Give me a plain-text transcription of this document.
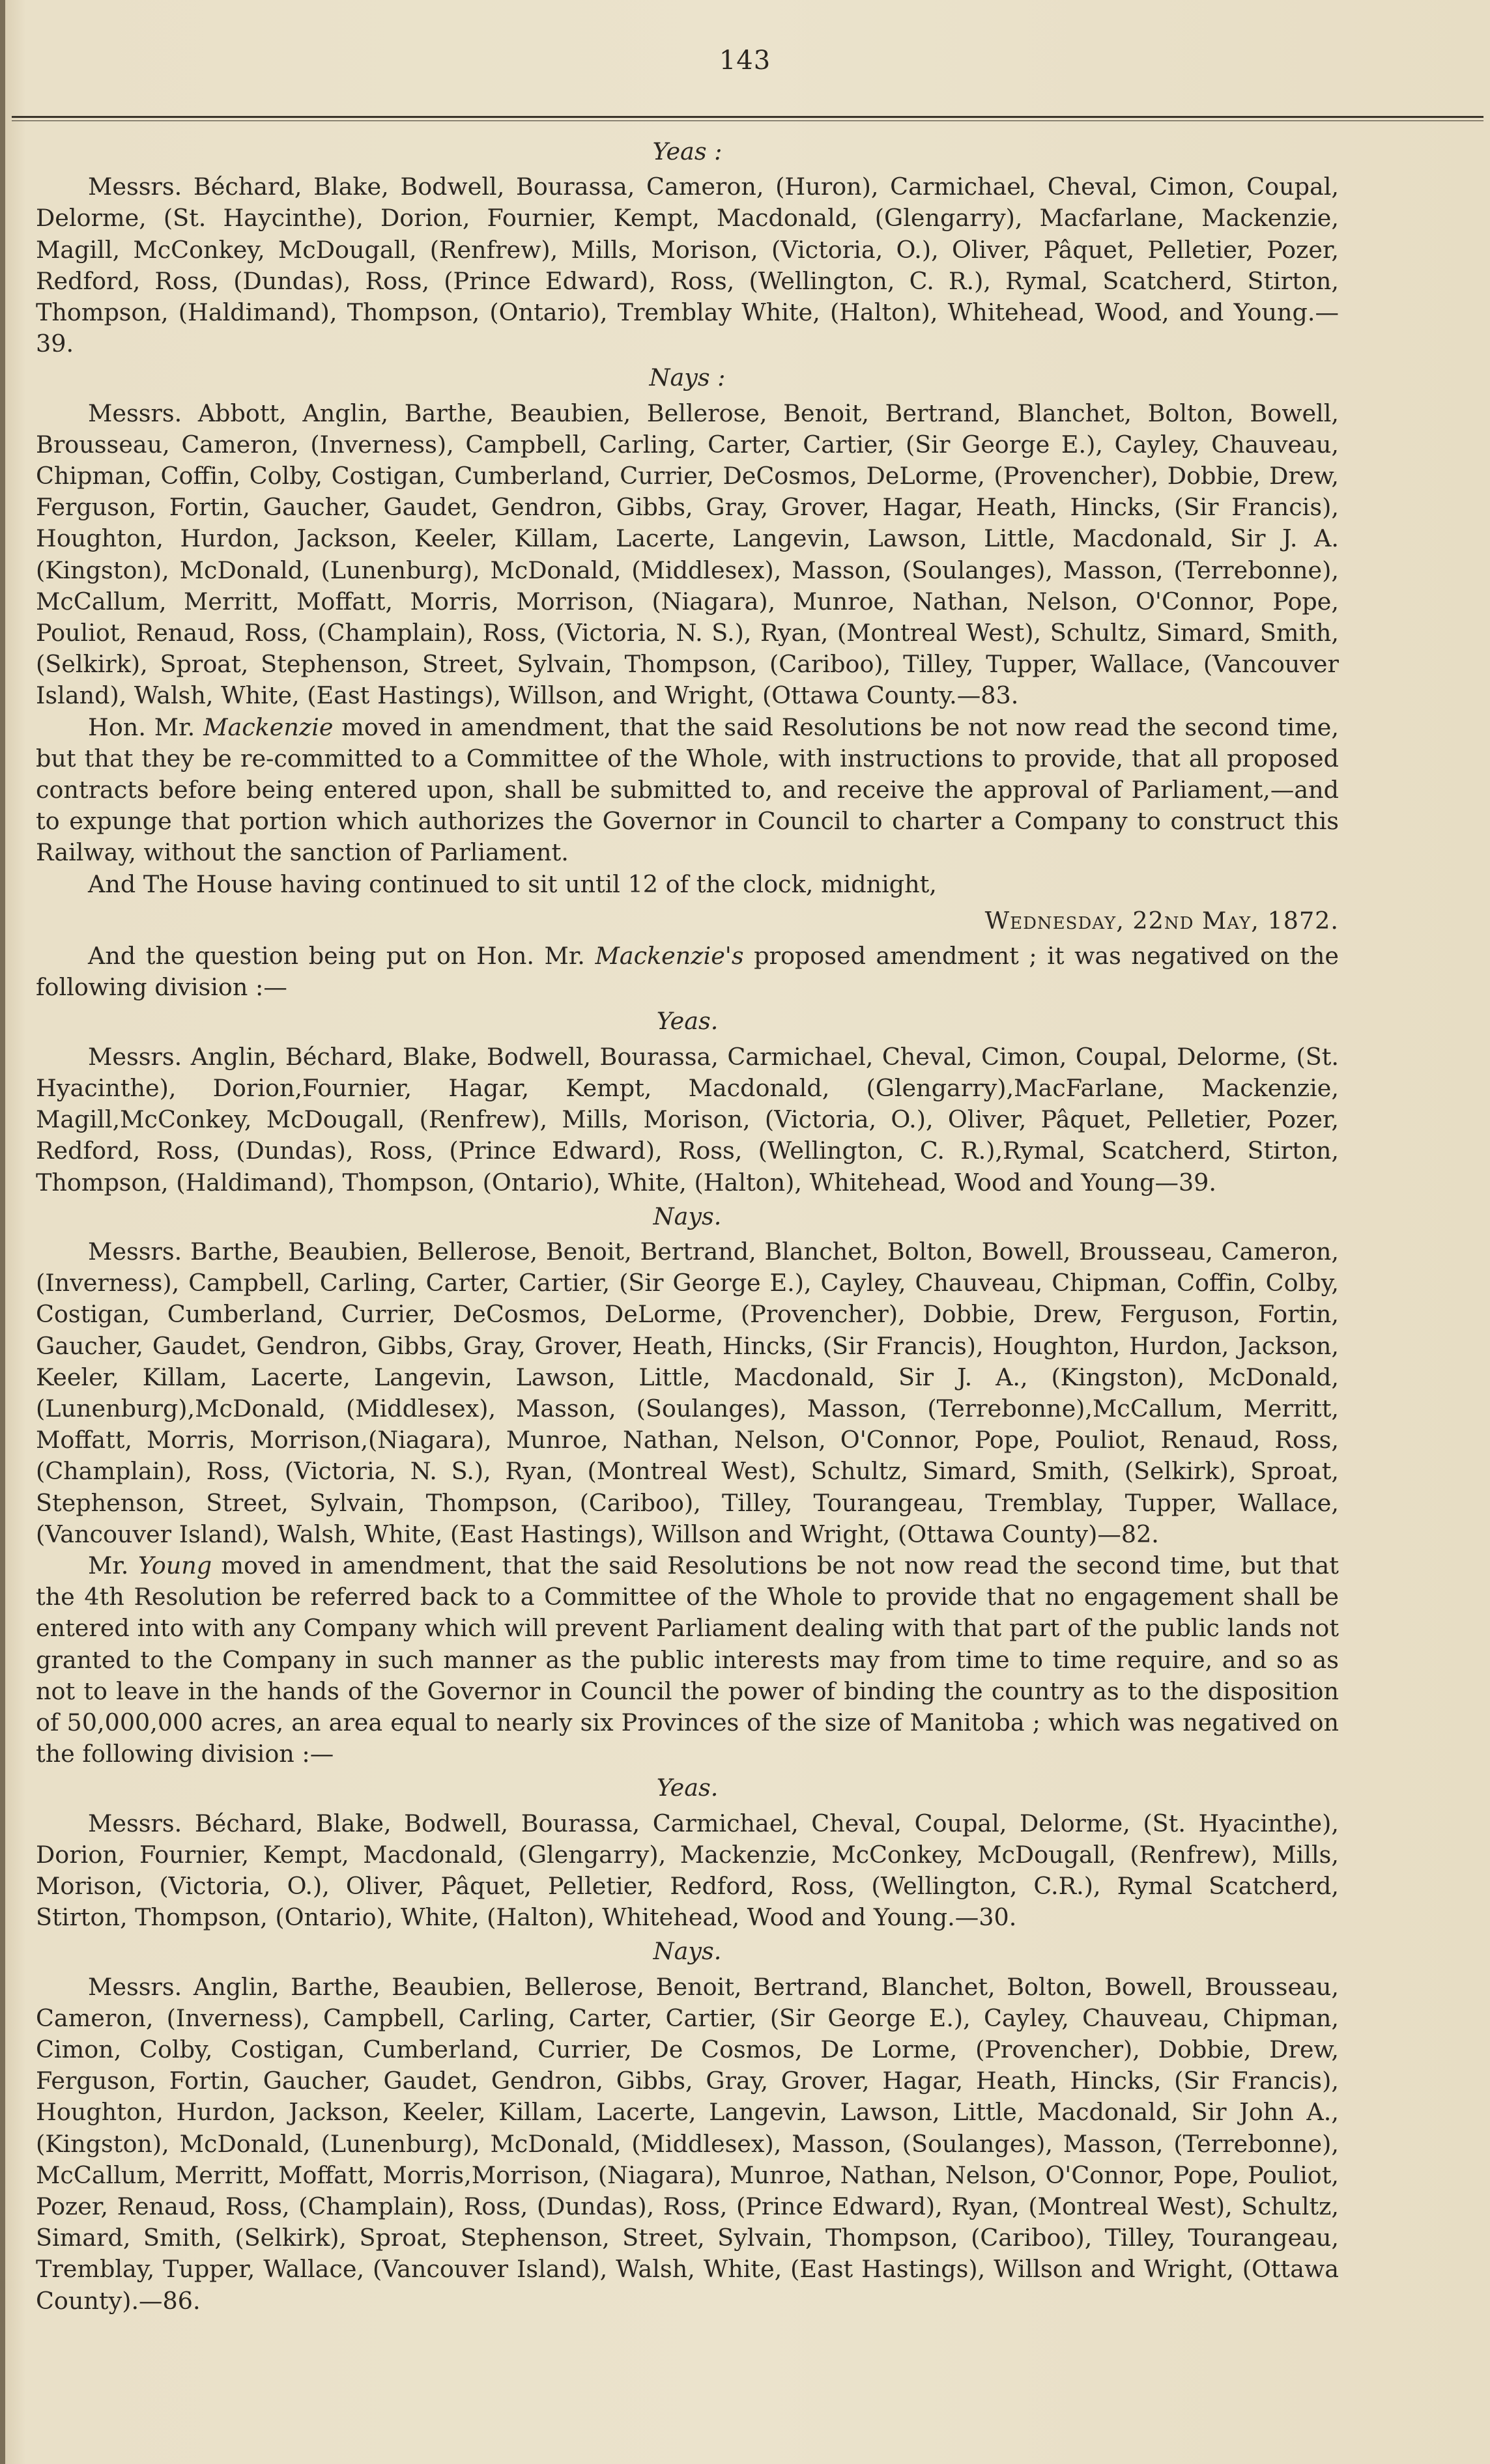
143
Yeas :

Messrs. Béchard, Blake, Bodwell, Bourassa, Cameron, (Huron), Carmichael, Cheval, Cimon, Coupal, Delorme, (St. Haycinthe), Dorion, Fournier, Kempt, Macdonald, (Glengarry), Macfarlane, Mackenzie, Magill, McConkey, McDougall, (Renfrew), Mills, Morison, (Victoria, O.), Oliver, Pâquet, Pelletier, Pozer, Redford, Ross, (Dundas), Ross, (Prince Edward), Ross, (Wellington, C. R.), Rymal, Scatcherd, Stirton, Thompson, (Haldimand), Thompson, (Ontario), Tremblay White, (Halton), Whitehead, Wood, and Young.—39.

Nays :

Messrs. Abbott, Anglin, Barthe, Beaubien, Bellerose, Benoit, Bertrand, Blanchet, Bolton, Bowell, Brousseau, Cameron, (Inverness), Campbell, Carling, Carter, Cartier, (Sir George E.), Cayley, Chauveau, Chipman, Coffin, Colby, Costigan, Cumberland, Currier, DeCosmos, DeLorme, (Provencher), Dobbie, Drew, Ferguson, Fortin, Gaucher, Gaudet, Gendron, Gibbs, Gray, Grover, Hagar, Heath, Hincks, (Sir Francis), Houghton, Hurdon, Jackson, Keeler, Killam, Lacerte, Langevin, Lawson, Little, Macdonald, Sir J. A. (Kingston), McDonald, (Lunenburg), McDonald, (Middlesex), Masson, (Soulanges), Masson, (Terrebonne), McCallum, Merritt, Moffatt, Morris, Morrison, (Niagara), Munroe, Nathan, Nelson, O'Connor, Pope, Pouliot, Renaud, Ross, (Champlain), Ross, (Victoria, N. S.), Ryan, (Montreal West), Schultz, Simard, Smith, (Selkirk), Sproat, Stephenson, Street, Sylvain, Thompson, (Cariboo), Tilley, Tupper, Wallace, (Vancouver Island), Walsh, White, (East Hastings), Willson, and Wright, (Ottawa County.—83.

Hon. Mr. Mackenzie moved in amendment, that the said Resolutions be not now read the second time, but that they be re-committed to a Committee of the Whole, with instructions to provide, that all proposed contracts before being entered upon, shall be submitted to, and receive the approval of Parliament,—and to expunge that portion which authorizes the Governor in Council to charter a Company to construct this Railway, without the sanction of Parliament.

And The House having continued to sit until 12 of the clock, midnight,

Wednesday, 22nd May, 1872.

And the question being put on Hon. Mr. Mackenzie's proposed amendment ; it was negatived on the following division :—

Yeas.

Messrs. Anglin, Béchard, Blake, Bodwell, Bourassa, Carmichael, Cheval, Cimon, Coupal, Delorme, (St. Hyacinthe), Dorion,Fournier, Hagar, Kempt, Macdonald, (Glengarry),MacFarlane, Mackenzie, Magill,McConkey, McDougall, (Renfrew), Mills, Morison, (Victoria, O.), Oliver, Pâquet, Pelletier, Pozer, Redford, Ross, (Dundas), Ross, (Prince Edward), Ross, (Wellington, C. R.),Rymal, Scatcherd, Stirton, Thompson, (Haldimand), Thompson, (Ontario), White, (Halton), Whitehead, Wood and Young—39.

Nays.

Messrs. Barthe, Beaubien, Bellerose, Benoit, Bertrand, Blanchet, Bolton, Bowell, Brousseau, Cameron, (Inverness), Campbell, Carling, Carter, Cartier, (Sir George E.), Cayley, Chauveau, Chipman, Coffin, Colby, Costigan, Cumberland, Currier, DeCosmos, DeLorme, (Provencher), Dobbie, Drew, Ferguson, Fortin, Gaucher, Gaudet, Gendron, Gibbs, Gray, Grover, Heath, Hincks, (Sir Francis), Houghton, Hurdon, Jackson, Keeler, Killam, Lacerte, Langevin, Lawson, Little, Macdonald, Sir J. A., (Kingston), McDonald, (Lunenburg),McDonald, (Middlesex), Masson, (Soulanges), Masson, (Terrebonne),McCallum, Merritt, Moffatt, Morris, Morrison,(Niagara), Munroe, Nathan, Nelson, O'Connor, Pope, Pouliot, Renaud, Ross, (Champlain), Ross, (Victoria, N. S.), Ryan, (Montreal West), Schultz, Simard, Smith, (Selkirk), Sproat, Stephenson, Street, Sylvain, Thompson, (Cariboo), Tilley, Tourangeau, Tremblay, Tupper, Wallace, (Vancouver Island), Walsh, White, (East Hastings), Willson and Wright, (Ottawa County)—82.

Mr. Young moved in amendment, that the said Resolutions be not now read the second time, but that the 4th Resolution be referred back to a Committee of the Whole to provide that no engagement shall be entered into with any Company which will prevent Parliament dealing with that part of the public lands not granted to the Company in such manner as the public interests may from time to time require, and so as not to leave in the hands of the Governor in Council the power of binding the country as to the disposition of 50,000,000 acres, an area equal to nearly six Provinces of the size of Manitoba ; which was negatived on the following division :—

Yeas.

Messrs. Béchard, Blake, Bodwell, Bourassa, Carmichael, Cheval, Coupal, Delorme, (St. Hyacinthe), Dorion, Fournier, Kempt, Macdonald, (Glengarry), Mackenzie, McConkey, McDougall, (Renfrew), Mills, Morison, (Victoria, O.), Oliver, Pâquet, Pelletier, Redford, Ross, (Wellington, C.R.), Rymal Scatcherd, Stirton, Thompson, (Ontario), White, (Halton), Whitehead, Wood and Young.—30.

Nays.

Messrs. Anglin, Barthe, Beaubien, Bellerose, Benoit, Bertrand, Blanchet, Bolton, Bowell, Brousseau, Cameron, (Inverness), Campbell, Carling, Carter, Cartier, (Sir George E.), Cayley, Chauveau, Chipman, Cimon, Colby, Costigan, Cumberland, Currier, De Cosmos, De Lorme, (Provencher), Dobbie, Drew, Ferguson, Fortin, Gaucher, Gaudet, Gendron, Gibbs, Gray, Grover, Hagar, Heath, Hincks, (Sir Francis), Houghton, Hurdon, Jackson, Keeler, Killam, Lacerte, Langevin, Lawson, Little, Macdonald, Sir John A., (Kingston), McDonald, (Lunenburg), McDonald, (Middlesex), Masson, (Soulanges), Masson, (Terrebonne), McCallum, Merritt, Moffatt, Morris,Morrison, (Niagara), Munroe, Nathan, Nelson, O'Connor, Pope, Pouliot, Pozer, Renaud, Ross, (Champlain), Ross, (Dundas), Ross, (Prince Edward), Ryan, (Montreal West), Schultz, Simard, Smith, (Selkirk), Sproat, Stephenson, Street, Sylvain, Thompson, (Cariboo), Tilley, Tourangeau, Tremblay, Tupper, Wallace, (Vancouver Island), Walsh, White, (East Hastings), Willson and Wright, (Ottawa County).—86.
